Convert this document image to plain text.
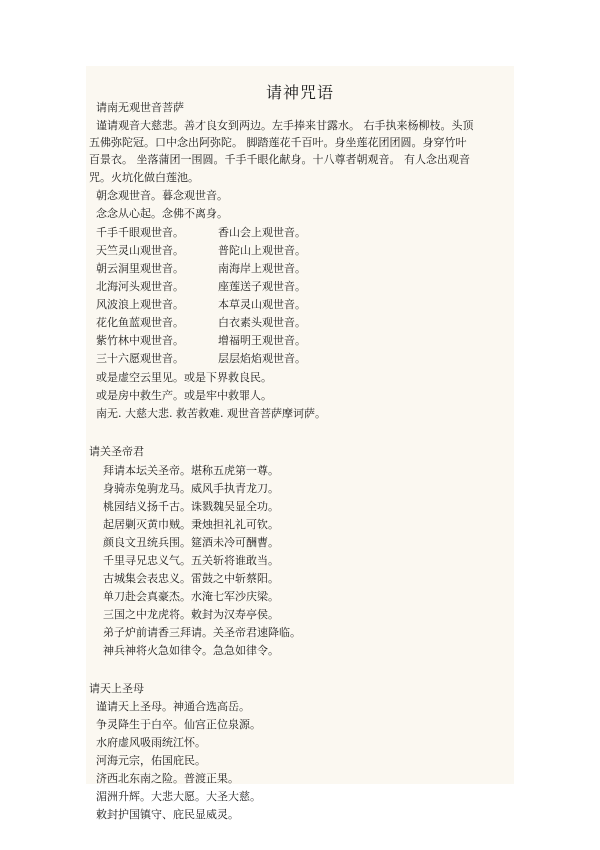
请神咒语
请南无观世音菩萨
谨请观音大慈悲。善才良女到两边。左手捧来甘露水。 右手执来杨柳枝。头顶
五佛弥陀冠。口中念出阿弥陀。 脚踏莲花千百叶。身坐莲花团团圆。身穿竹叶
百景衣。 坐落蒲团一围圆。千手千眼化献身。十八尊者朝观音。 有人念出观音
咒。火坑化做白莲池。
朝念观世音。暮念观世音。
念念从心起。念佛不离身。
千手千眼观世音。	香山会上观世音。
天竺灵山观世音。	普陀山上观世音。
朝云洞里观世音。	南海岸上观世音。
北海河头观世音。	座莲送子观世音。
风波浪上观世音。	本草灵山观世音。
花化鱼蓝观世音。	白衣素头观世音。
紫竹林中观世音。	增福明王观世音。
三十六愿观世音。	层层焰焰观世音。
或是虚空云里见。或是下界救良民。
或是房中救生产。或是牢中救罪人。
南无. 大慈大悲. 救苦救难. 观世音菩萨摩诃萨。
请关圣帝君
拜请本坛关圣帝。堪称五虎第一尊。
身骑赤兔驹龙马。威风手执青龙刀。
桃园结义扬千古。诛戮魏吴显全功。
起居剿灭黄巾贼。秉烛担礼礼可钦。
颜良文丑统兵围。筵酒未冷可酬曹。
千里寻兄忠义气。五关斩将谁敢当。
古城集会表忠义。雷鼓之中斩蔡阳。
单刀赴会真豪杰。水淹七军沙庆梁。
三国之中龙虎将。敕封为汉寿亭侯。
弟子炉前请香三拜请。关圣帝君速降临。
神兵神将火急如律令。急急如律令。
请天上圣母
谨请天上圣母。神通合选高岳。
争灵降生于白卒。仙宫正位泉源。
水府虚风吸雨统江怀。
河海元宗，佑国庇民。
济西北东南之险。普渡正果。
湄洲升辉。大悲大愿。大圣大慈。
敕封护国镇守、庇民显威灵。
